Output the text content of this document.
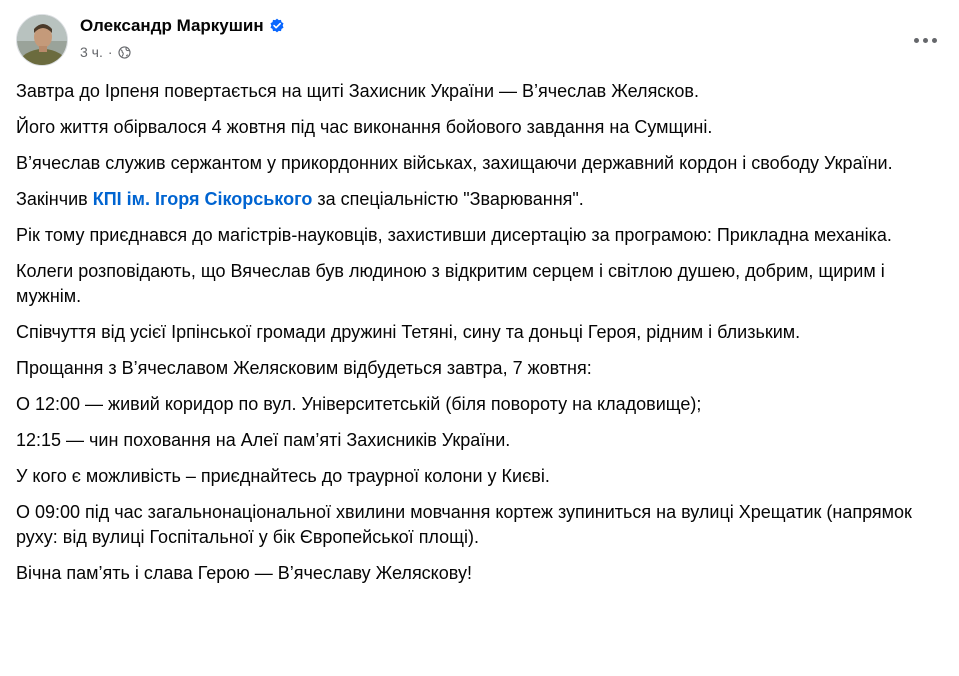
Олександр Маркушин
3 ч. ·

Завтра до Ірпеня повертається на щиті Захисник України — В’ячеслав Желясков.

Його життя обірвалося 4 жовтня під час виконання бойового завдання на Сумщині.

В’ячеслав служив сержантом у прикордонних військах, захищаючи державний кордон і свободу України.

Закінчив КПІ ім. Ігоря Сікорського за спеціальністю "Зварювання".

Рік тому приєднався до магістрів-науковців, захистивши дисертацію за програмою: Прикладна механіка.

Колеги розповідають, що Вячеслав був людиною з відкритим серцем і світлою душею, добрим, щирим і мужнім.

Співчуття від усієї Ірпінської громади дружині Тетяні, сину та доньці Героя, рідним і близьким.

Прощання з В’ячеславом Желясковим відбудеться завтра, 7 жовтня:

О 12:00 — живий коридор по вул. Університетській (біля повороту на кладовище);

12:15 — чин поховання на Алеї пам’яті Захисників України.

У кого є можливість – приєднайтесь до траурної колони у Києві.

О 09:00 під час загальнонаціональної хвилини мовчання кортеж зупиниться на вулиці Хрещатик (напрямок руху: від вулиці Госпітальної у бік Європейської площі).

Вічна пам’ять і слава Герою — В’ячеславу Желяскову!
